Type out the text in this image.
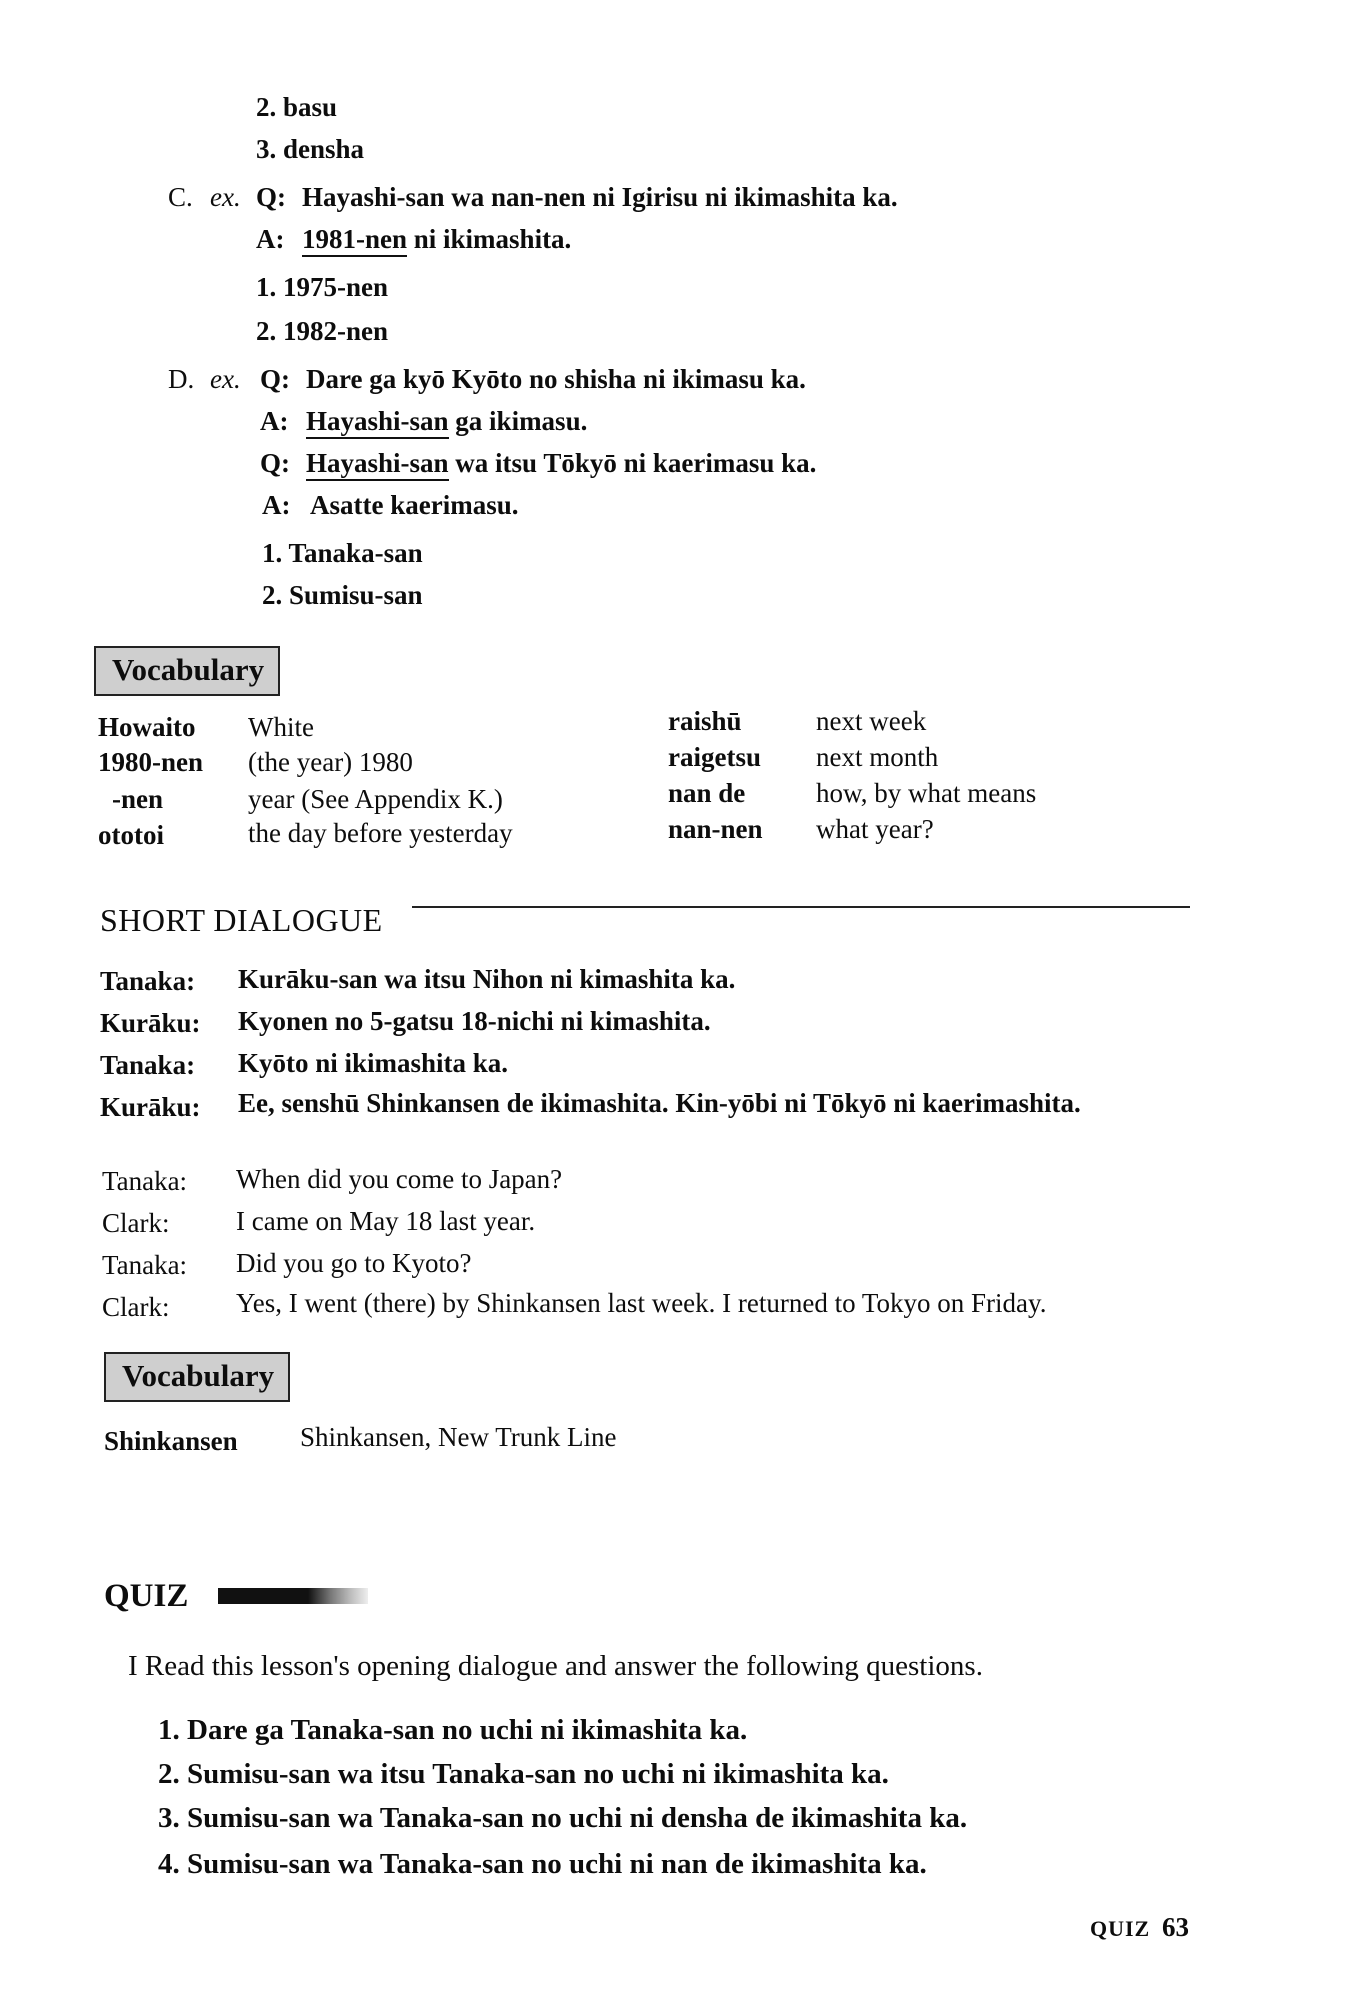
2. basu
3. densha
C. ex. Q: Hayashi-san wa nan-nen ni Igirisu ni ikimashita ka.
A: 1981-nen ni ikimashita.
1. 1975-nen
2. 1982-nen
D. ex. Q: Dare ga kyō Kyōto no shisha ni ikimasu ka.
A: Hayashi-san ga ikimasu.
Q: Hayashi-san wa itsu Tōkyō ni kaerimasu ka.
A: Asatte kaerimasu.
1. Tanaka-san
2. Sumisu-san
Vocabulary
Howaito White
1980-nen (the year) 1980
-nen	year (See Appendix K.)
ototoi	the day before yesterday
raishū	next week
raigetsu next month
nan de	how, by what means
nan-nen what year?
SHORT DIALOGUE
Tanaka: Kurāku-san wa itsu Nihon ni kimashita ka.
Kurāku: Kyonen no 5-gatsu 18-nichi ni kimashita.
Tanaka: Kyōto ni ikimashita ka.
Kurāku: Ee, senshū Shinkansen de ikimashita. Kin-yōbi ni Tōkyō ni kaerimashita.
Tanaka: When did you come to Japan?
Clark: I came on May 18 last year.
Tanaka: Did you go to Kyoto?
Clark: Yes, I went (there) by Shinkansen last week. I returned to Tokyo on Friday.
Vocabulary
Shinkansen Shinkansen, New Trunk Line
QUIZ
I Read this lesson's opening dialogue and answer the following questions.
1. Dare ga Tanaka-san no uchi ni ikimashita ka.
2. Sumisu-san wa itsu Tanaka-san no uchi ni ikimashita ka.
3. Sumisu-san wa Tanaka-san no uchi ni densha de ikimashita ka.
4. Sumisu-san wa Tanaka-san no uchi ni nan de ikimashita ka.
QUIZ 63
